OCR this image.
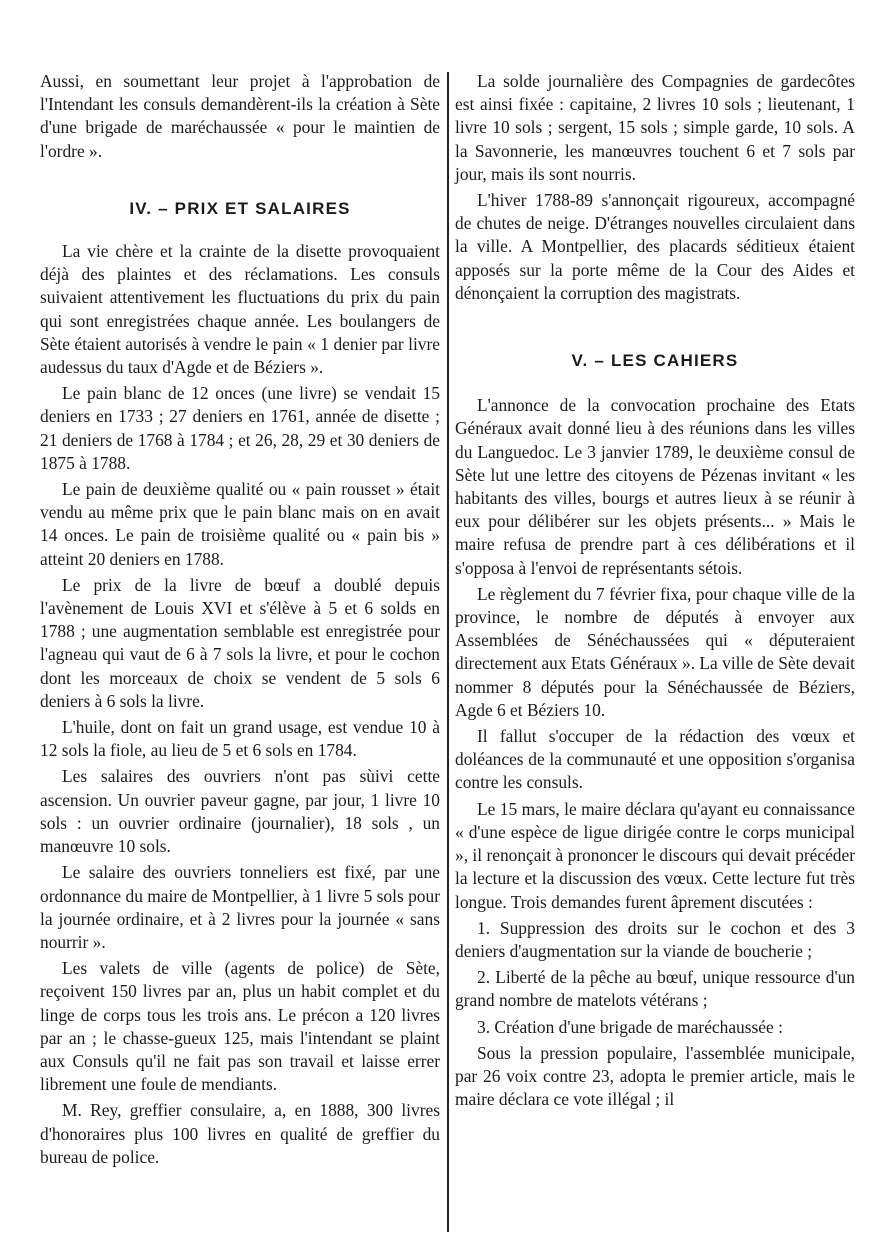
Aussi, en soumettant leur projet à l'approbation de l'Intendant les consuls demandèrent-ils la création à Sète d'une brigade de maréchaussée « pour le maintien de l'ordre ».

IV. – PRIX ET SALAIRES

La vie chère et la crainte de la disette provoquaient déjà des plaintes et des réclamations. Les consuls suivaient attentivement les fluctuations du prix du pain qui sont enregistrées chaque année. Les boulangers de Sète étaient autorisés à vendre le pain « 1 denier par livre audessus du taux d'Agde et de Béziers ».

Le pain blanc de 12 onces (une livre) se vendait 15 deniers en 1733 ; 27 deniers en 1761, année de disette ; 21 deniers de 1768 à 1784 ; et 26, 28, 29 et 30 deniers de 1875 à 1788.

Le pain de deuxième qualité ou « pain rousset » était vendu au même prix que le pain blanc mais on en avait 14 onces. Le pain de troisième qualité ou « pain bis » atteint 20 deniers en 1788.

Le prix de la livre de bœuf a doublé depuis l'avènement de Louis XVI et s'élève à 5 et 6 solds en 1788 ; une augmentation semblable est enregistrée pour l'agneau qui vaut de 6 à 7 sols la livre, et pour le cochon dont les morceaux de choix se vendent de 5 sols 6 deniers à 6 sols la livre.

L'huile, dont on fait un grand usage, est vendue 10 à 12 sols la fiole, au lieu de 5 et 6 sols en 1784.

Les salaires des ouvriers n'ont pas sùivi cette ascension. Un ouvrier paveur gagne, par jour, 1 livre 10 sols : un ouvrier ordinaire (journalier), 18 sols , un manœuvre 10 sols.

Le salaire des ouvriers tonneliers est fixé, par une ordonnance du maire de Montpellier, à 1 livre 5 sols pour la journée ordinaire, et à 2 livres pour la journée « sans nourrir ».

Les valets de ville (agents de police) de Sète, reçoivent 150 livres par an, plus un habit complet et du linge de corps tous les trois ans. Le précon a 120 livres par an ; le chasse-gueux 125, mais l'intendant se plaint aux Consuls qu'il ne fait pas son travail et laisse errer librement une foule de mendiants.

M. Rey, greffier consulaire, a, en 1888, 300 livres d'honoraires plus 100 livres en qualité de greffier du bureau de police.

La solde journalière des Compagnies de gardecôtes est ainsi fixée : capitaine, 2 livres 10 sols ; lieutenant, 1 livre 10 sols ; sergent, 15 sols ; simple garde, 10 sols. A la Savonnerie, les manœuvres touchent 6 et 7 sols par jour, mais ils sont nourris.

L'hiver 1788-89 s'annonçait rigoureux, accompagné de chutes de neige. D'étranges nouvelles circulaient dans la ville. A Montpellier, des placards séditieux étaient apposés sur la porte même de la Cour des Aides et dénonçaient la corruption des magistrats.

V. – LES CAHIERS

L'annonce de la convocation prochaine des Etats Généraux avait donné lieu à des réunions dans les villes du Languedoc. Le 3 janvier 1789, le deuxième consul de Sète lut une lettre des citoyens de Pézenas invitant « les habitants des villes, bourgs et autres lieux à se réunir à eux pour délibérer sur les objets présents... » Mais le maire refusa de prendre part à ces délibérations et il s'opposa à l'envoi de représentants sétois.

Le règlement du 7 février fixa, pour chaque ville de la province, le nombre de députés à envoyer aux Assemblées de Sénéchaussées qui « députeraient directement aux Etats Généraux ». La ville de Sète devait nommer 8 députés pour la Sénéchaussée de Béziers, Agde 6 et Béziers 10.

Il fallut s'occuper de la rédaction des vœux et doléances de la communauté et une opposition s'organisa contre les consuls.

Le 15 mars, le maire déclara qu'ayant eu connaissance « d'une espèce de ligue dirigée contre le corps municipal », il renonçait à prononcer le discours qui devait précéder la lecture et la discussion des vœux. Cette lecture fut très longue. Trois demandes furent âprement discutées :

1. Suppression des droits sur le cochon et des 3 deniers d'augmentation sur la viande de boucherie ;

2. Liberté de la pêche au bœuf, unique ressource d'un grand nombre de matelots vétérans ;

3. Création d'une brigade de maréchaussée :

Sous la pression populaire, l'assemblée municipale, par 26 voix contre 23, adopta le premier article, mais le maire déclara ce vote illégal ; il
